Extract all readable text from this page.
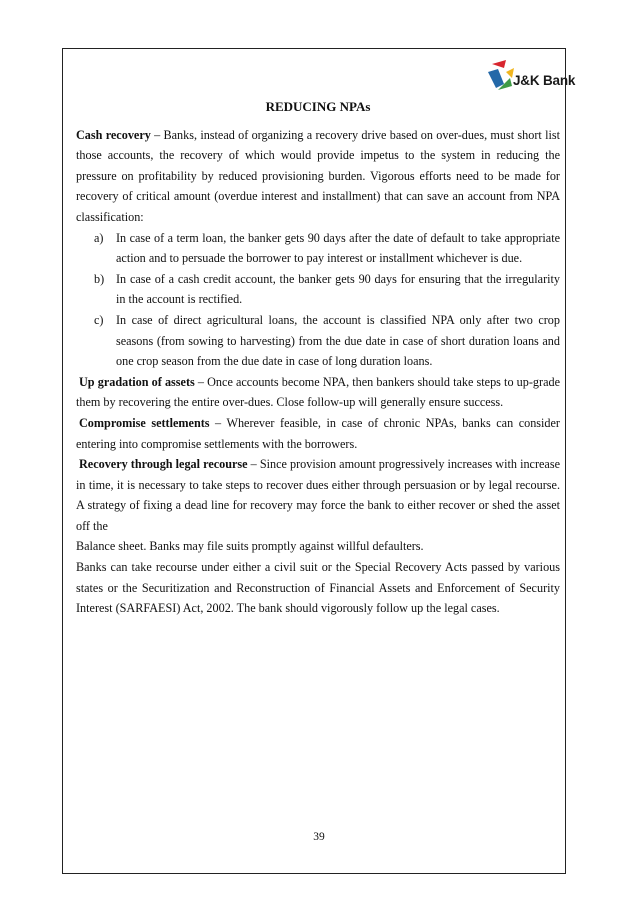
J&K Bank
REDUCING NPAs

Cash recovery – Banks, instead of organizing a recovery drive based on over-dues, must short list those accounts, the recovery of which would provide impetus to the system in reducing the pressure on profitability by reduced provisioning burden. Vigorous efforts need to be made for recovery of critical amount (overdue interest and installment) that can save an account from NPA classification:

a) In case of a term loan, the banker gets 90 days after the date of default to take appropriate action and to persuade the borrower to pay interest or installment whichever is due.
b) In case of a cash credit account, the banker gets 90 days for ensuring that the irregularity in the account is rectified.
c) In case of direct agricultural loans, the account is classified NPA only after two crop seasons (from sowing to harvesting) from the due date in case of short duration loans and one crop season from the due date in case of long duration loans.

Up gradation of assets – Once accounts become NPA, then bankers should take steps to up-grade them by recovering the entire over-dues. Close follow-up will generally ensure success.

Compromise settlements – Wherever feasible, in case of chronic NPAs, banks can consider entering into compromise settlements with the borrowers.

Recovery through legal recourse – Since provision amount progressively increases with increase in time, it is necessary to take steps to recover dues either through persuasion or by legal recourse. A strategy of fixing a dead line for recovery may force the bank to either recover or shed the asset off the

Balance sheet. Banks may file suits promptly against willful defaulters.

Banks can take recourse under either a civil suit or the Special Recovery Acts passed by various states or the Securitization and Reconstruction of Financial Assets and Enforcement of Security Interest (SARFAESI) Act, 2002. The bank should vigorously follow up the legal cases.

39
